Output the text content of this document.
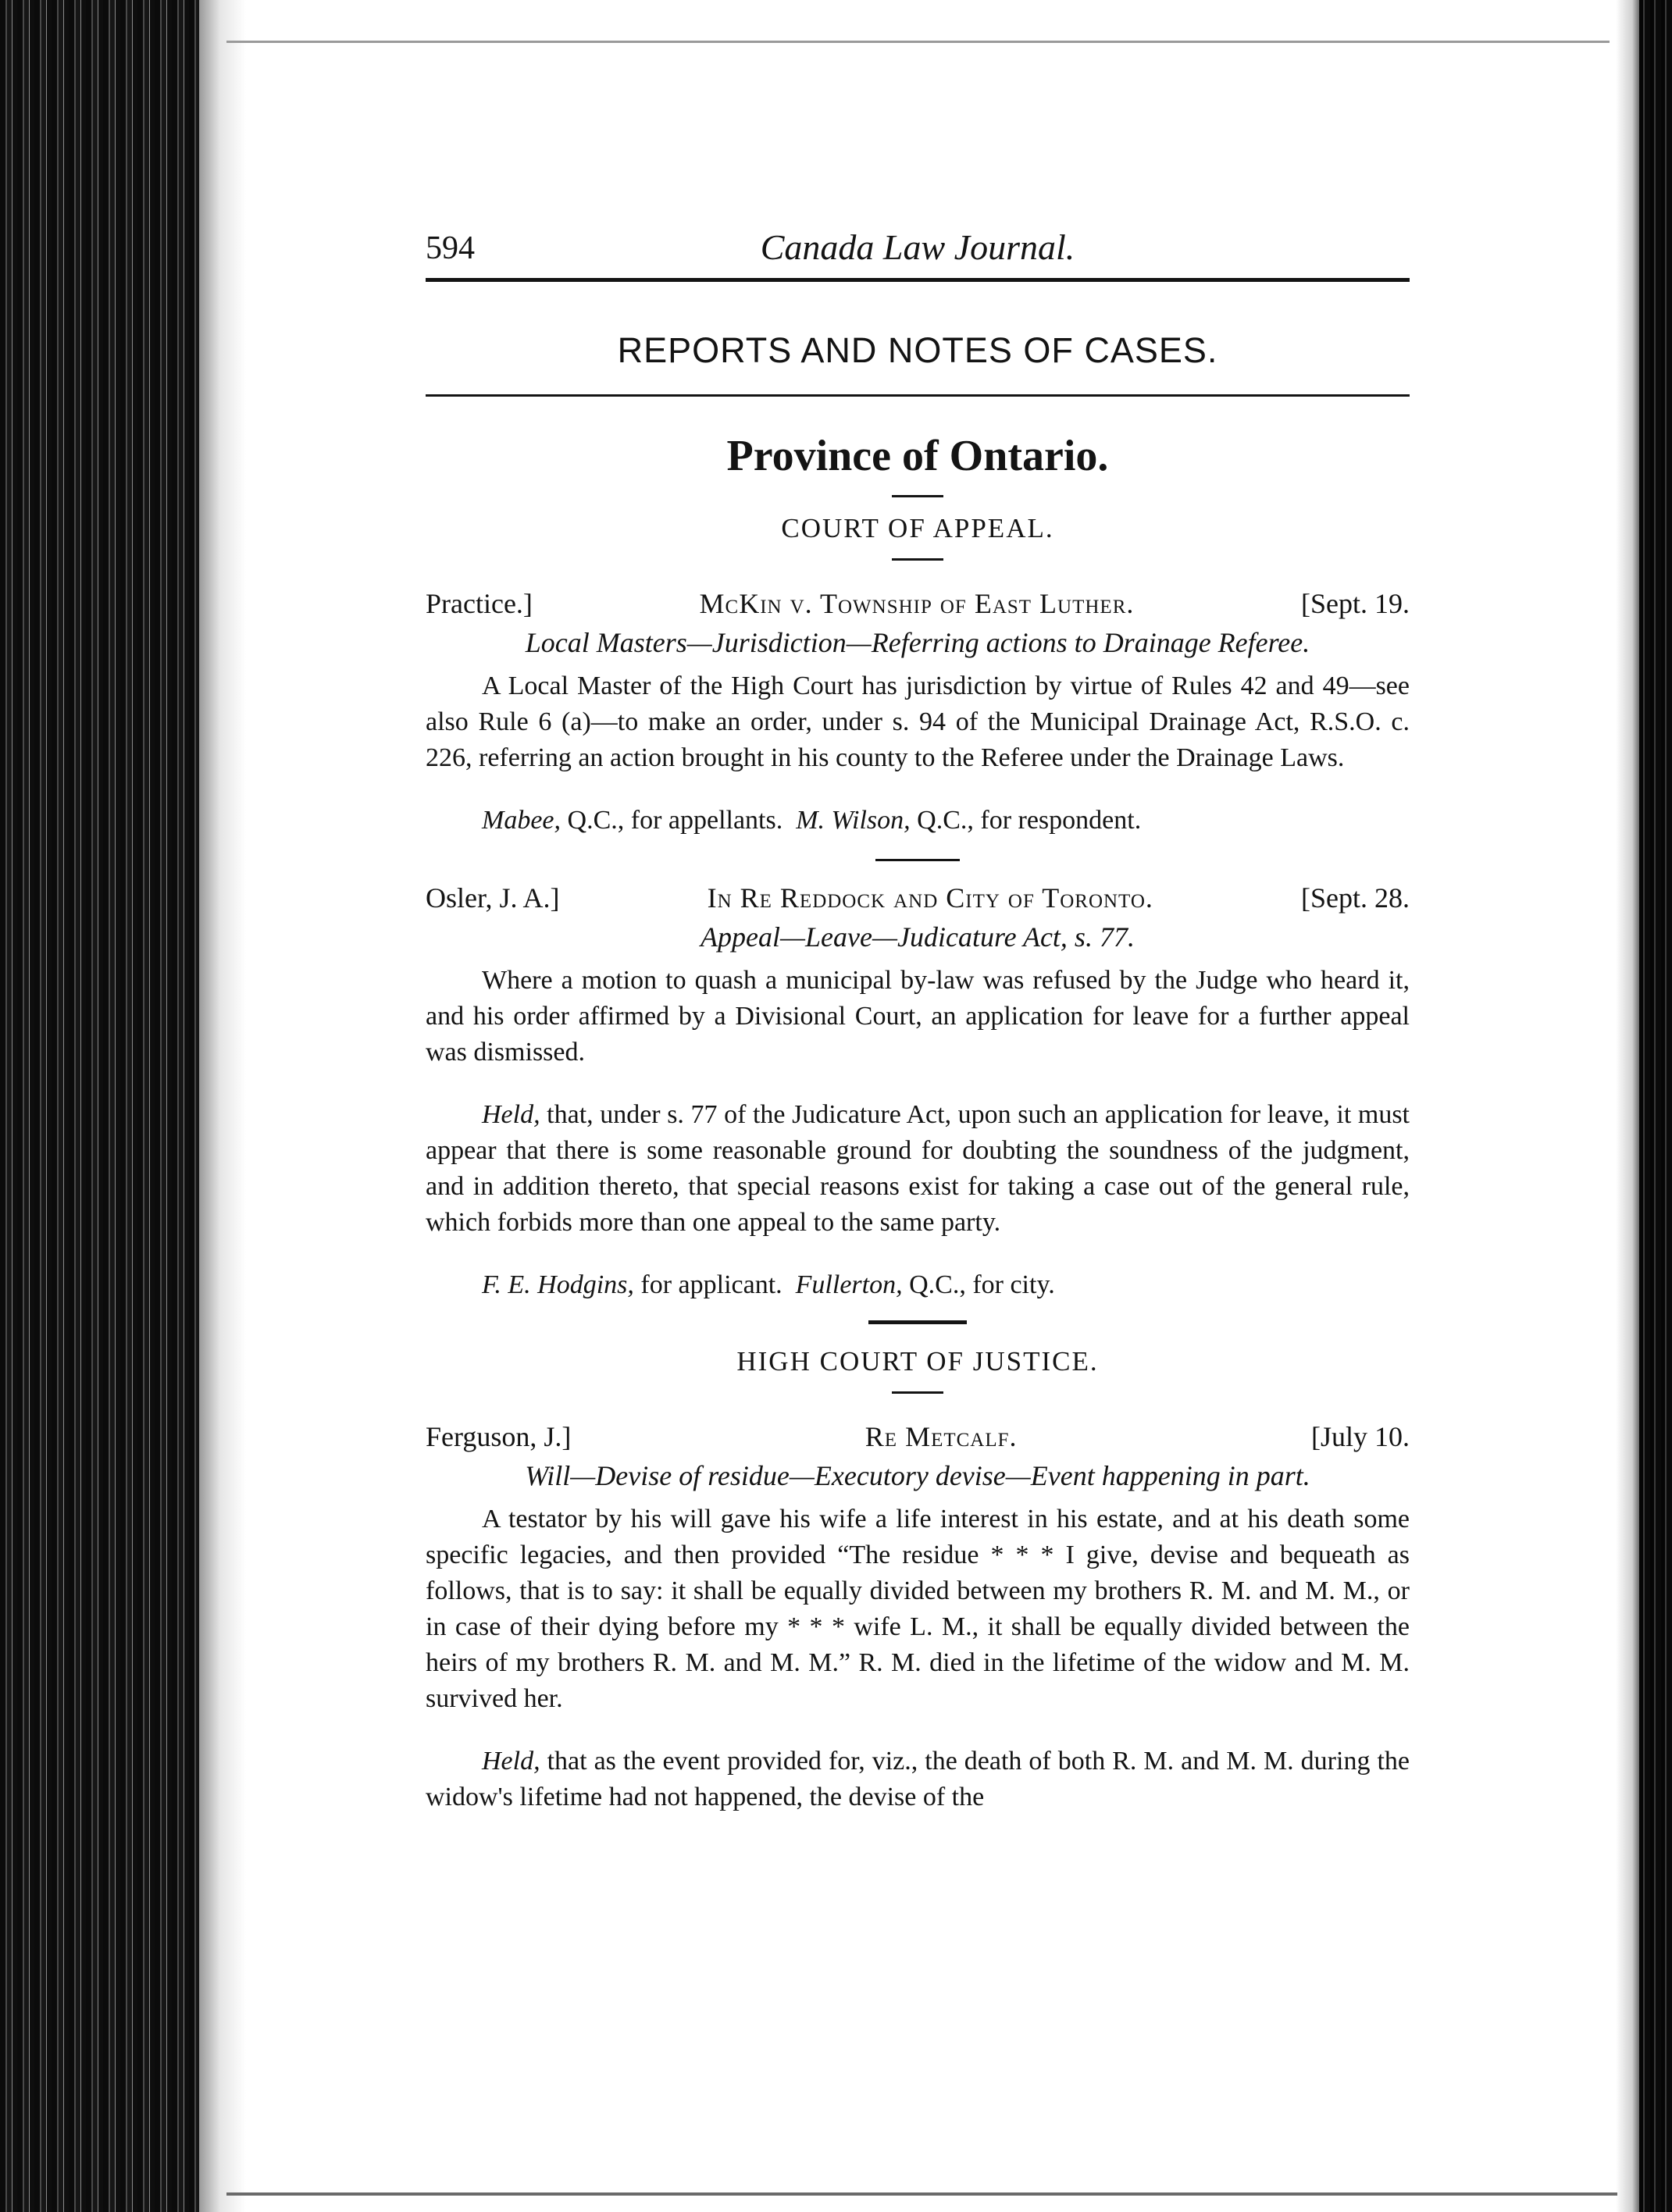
594	Canada Law Journal.
REPORTS AND NOTES OF CASES.
Province of Ontario.
COURT OF APPEAL.
Practice.]	McKin v. Township of East Luther.	[Sept. 19.
Local Masters—Jurisdiction—Referring actions to Drainage Referee.

A Local Master of the High Court has jurisdiction by virtue of Rules 42 and 49—see also Rule 6 (a)—to make an order, under s. 94 of the Municipal Drainage Act, R.S.O. c. 226, referring an action brought in his county to the Referee under the Drainage Laws.

Mabee, Q.C., for appellants. M. Wilson, Q.C., for respondent.
Osler, J. A.]	In Re Reddock and City of Toronto.	[Sept. 28.
Appeal—Leave—Judicature Act, s. 77.

Where a motion to quash a municipal by-law was refused by the Judge who heard it, and his order affirmed by a Divisional Court, an application for leave for a further appeal was dismissed.

Held, that, under s. 77 of the Judicature Act, upon such an application for leave, it must appear that there is some reasonable ground for doubting the soundness of the judgment, and in addition thereto, that special reasons exist for taking a case out of the general rule, which forbids more than one appeal to the same party.

F. E. Hodgins, for applicant. Fullerton, Q.C., for city.
HIGH COURT OF JUSTICE.
Ferguson, J.]	Re Metcalf.	[July 10.
Will—Devise of residue—Executory devise—Event happening in part.

A testator by his will gave his wife a life interest in his estate, and at his death some specific legacies, and then provided “The residue * * * I give, devise and bequeath as follows, that is to say: it shall be equally divided between my brothers R. M. and M. M., or in case of their dying before my * * * wife L. M., it shall be equally divided between the heirs of my brothers R. M. and M. M.” R. M. died in the lifetime of the widow and M. M. survived her.

Held, that as the event provided for, viz., the death of both R. M. and M. M. during the widow's lifetime had not happened, the devise of the
